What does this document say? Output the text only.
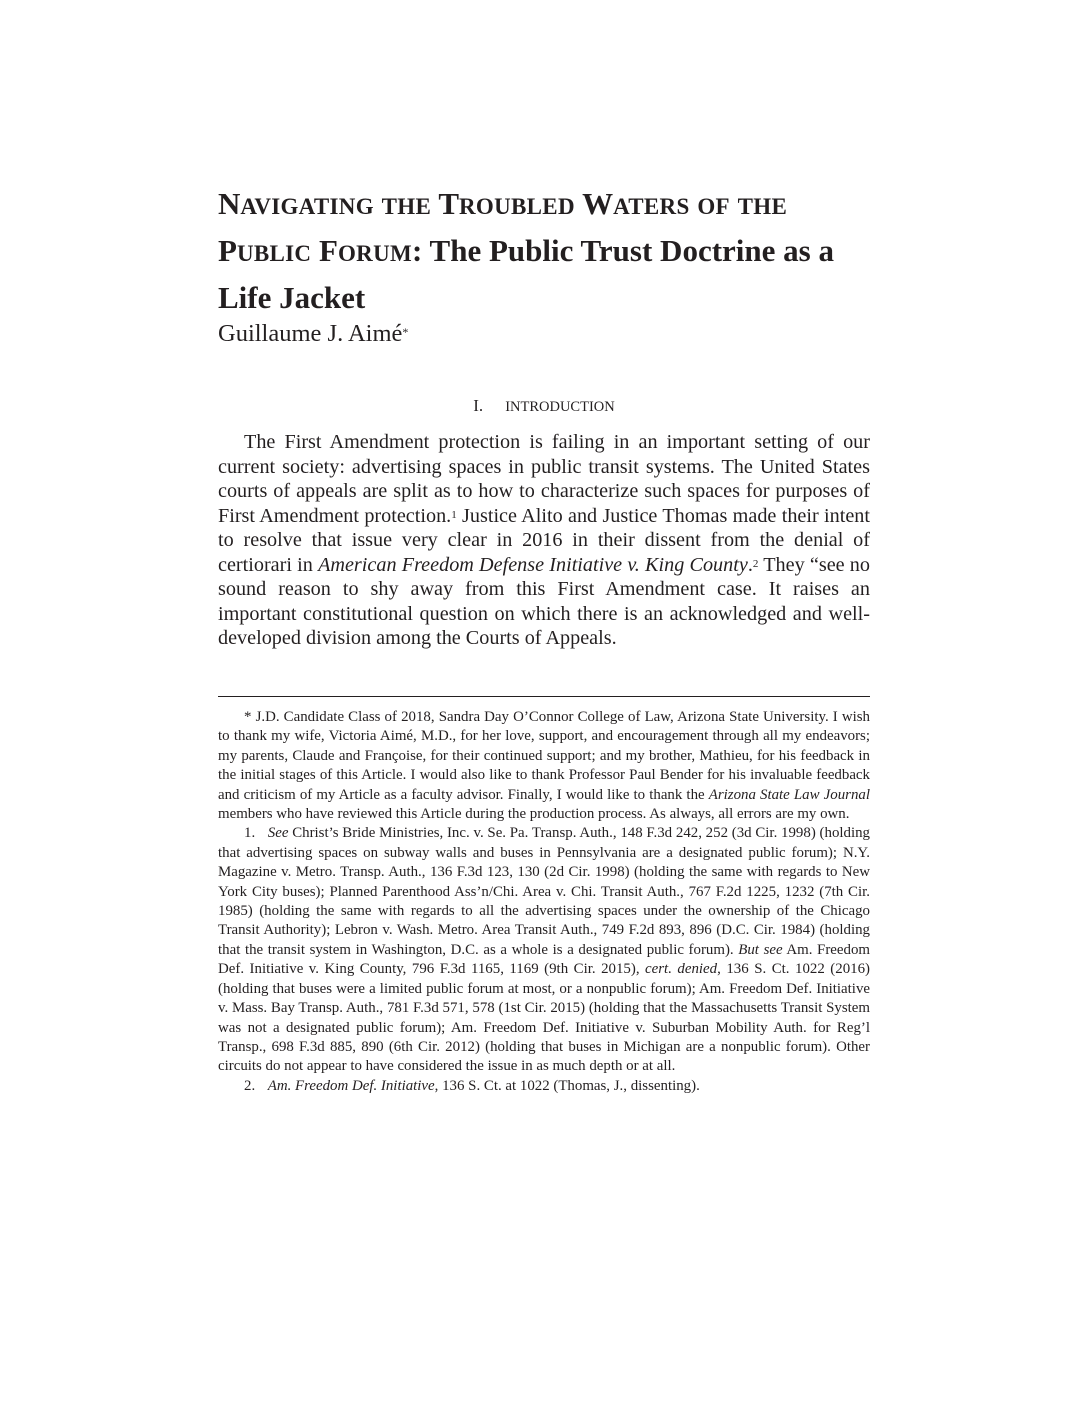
NAVIGATING THE TROUBLED WATERS OF THE PUBLIC FORUM: The Public Trust Doctrine as a Life Jacket
Guillaume J. Aimé*
I. INTRODUCTION

The First Amendment protection is failing in an important setting of our current society: advertising spaces in public transit systems. The United States courts of appeals are split as to how to characterize such spaces for purposes of First Amendment protection.$^1$ Justice Alito and Justice Thomas made their intent to resolve that issue very clear in 2016 in their dissent from the denial of certiorari in American Freedom Defense Initiative v. King County.$^2$ They “see no sound reason to shy away from this First Amendment case. It raises an important constitutional question on which there is an acknowledged and well-developed division among the Courts of Appeals.

* J.D. Candidate Class of 2018, Sandra Day O’Connor College of Law, Arizona State University. I wish to thank my wife, Victoria Aimé, M.D., for her love, support, and encouragement through all my endeavors; my parents, Claude and Françoise, for their continued support; and my brother, Mathieu, for his feedback in the initial stages of this Article. I would also like to thank Professor Paul Bender for his invaluable feedback and criticism of my Article as a faculty advisor. Finally, I would like to thank the Arizona State Law Journal members who have reviewed this Article during the production process. As always, all errors are my own.

1. See Christ’s Bride Ministries, Inc. v. Se. Pa. Transp. Auth., 148 F.3d 242, 252 (3d Cir. 1998) (holding that advertising spaces on subway walls and buses in Pennsylvania are a designated public forum); N.Y. Magazine v. Metro. Transp. Auth., 136 F.3d 123, 130 (2d Cir. 1998) (holding the same with regards to New York City buses); Planned Parenthood Ass’n/Chi. Area v. Chi. Transit Auth., 767 F.2d 1225, 1232 (7th Cir. 1985) (holding the same with regards to all the advertising spaces under the ownership of the Chicago Transit Authority); Lebron v. Wash. Metro. Area Transit Auth., 749 F.2d 893, 896 (D.C. Cir. 1984) (holding that the transit system in Washington, D.C. as a whole is a designated public forum). But see Am. Freedom Def. Initiative v. King County, 796 F.3d 1165, 1169 (9th Cir. 2015), cert. denied, 136 S. Ct. 1022 (2016) (holding that buses were a limited public forum at most, or a nonpublic forum); Am. Freedom Def. Initiative v. Mass. Bay Transp. Auth., 781 F.3d 571, 578 (1st Cir. 2015) (holding that the Massachusetts Transit System was not a designated public forum); Am. Freedom Def. Initiative v. Suburban Mobility Auth. for Reg’l Transp., 698 F.3d 885, 890 (6th Cir. 2012) (holding that buses in Michigan are a nonpublic forum). Other circuits do not appear to have considered the issue in as much depth or at all.

2. Am. Freedom Def. Initiative, 136 S. Ct. at 1022 (Thomas, J., dissenting).
